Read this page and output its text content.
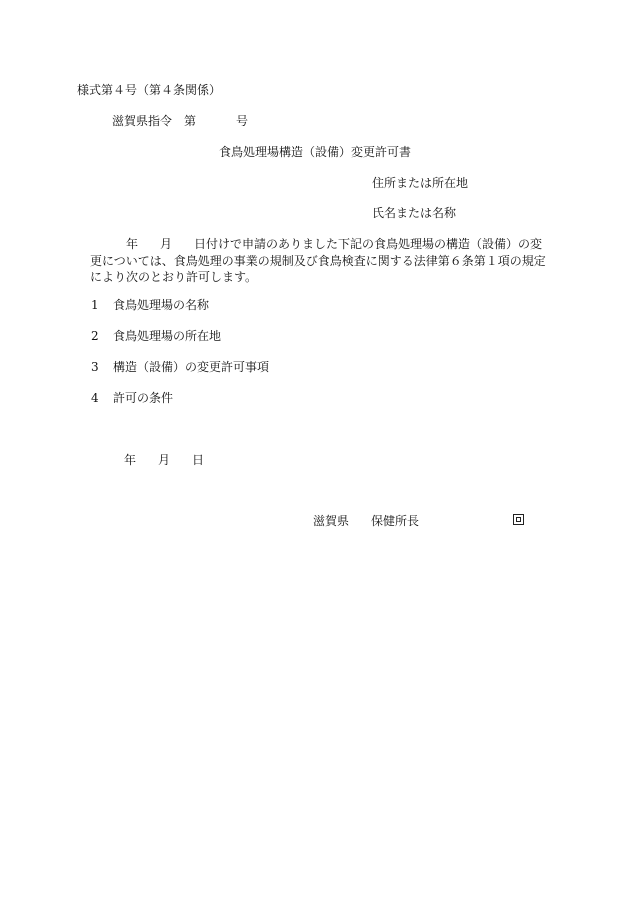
様式第４号（第４条関係）

滋賀県指令 第	号

食鳥処理場構造（設備）変更許可書

住所または所在地

氏名または名称

年 月 日付けで申請のありました下記の食鳥処理場の構造（設備）の変更については、食鳥処理の事業の規制及び食鳥検査に関する法律第６条第１項の規定により次のとおり許可します。

1 食鳥処理場の名称

2 食鳥処理場の所在地

3 構造（設備）の変更許可事項

4 許可の条件

年 月 日

滋賀県 保健所長
